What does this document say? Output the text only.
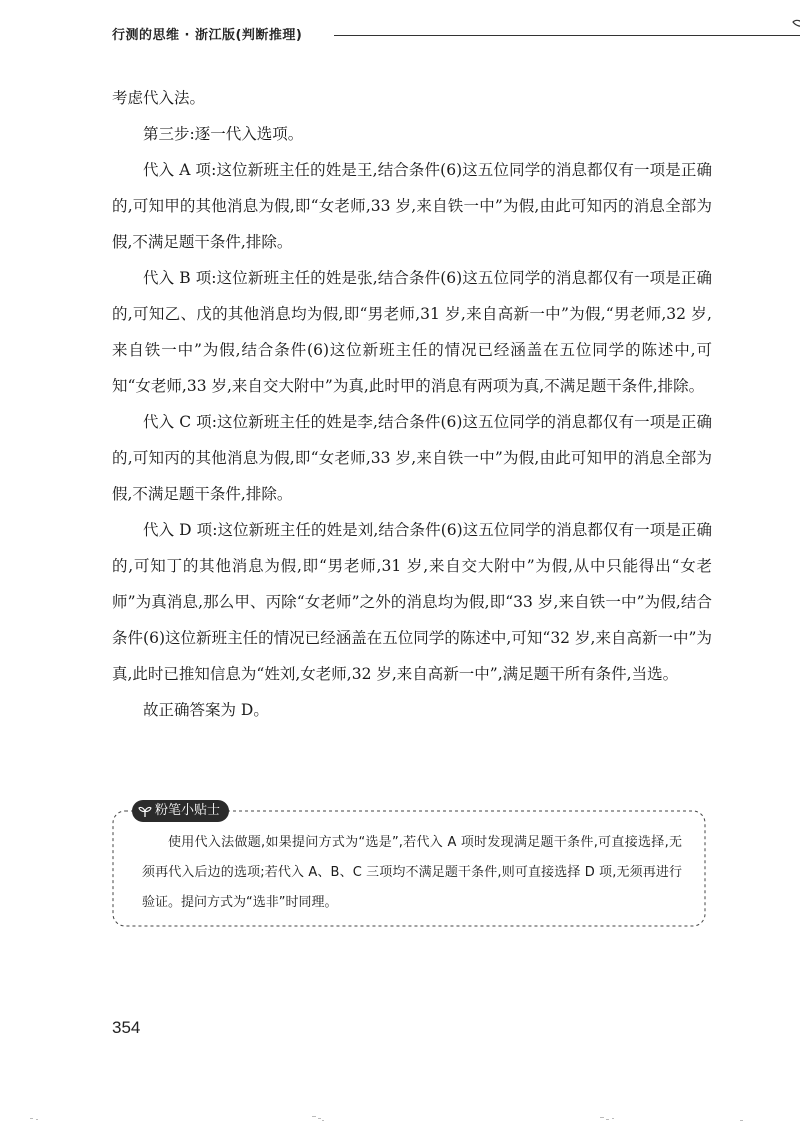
行测的思维 · 浙江版(判断推理)

考虑代入法。

第三步:逐一代入选项。

代入 A 项:这位新班主任的姓是王,结合条件(6)这五位同学的消息都仅有一项是正确的,可知甲的其他消息为假,即“女老师,33 岁,来自铁一中”为假,由此可知丙的消息全部为假,不满足题干条件,排除。

代入 B 项:这位新班主任的姓是张,结合条件(6)这五位同学的消息都仅有一项是正确的,可知乙、戊的其他消息均为假,即“男老师,31 岁,来自高新一中”为假,“男老师,32 岁,来自铁一中”为假,结合条件(6)这位新班主任的情况已经涵盖在五位同学的陈述中,可知“女老师,33 岁,来自交大附中”为真,此时甲的消息有两项为真,不满足题干条件,排除。

代入 C 项:这位新班主任的姓是李,结合条件(6)这五位同学的消息都仅有一项是正确的,可知丙的其他消息为假,即“女老师,33 岁,来自铁一中”为假,由此可知甲的消息全部为假,不满足题干条件,排除。

代入 D 项:这位新班主任的姓是刘,结合条件(6)这五位同学的消息都仅有一项是正确的,可知丁的其他消息为假,即“男老师,31 岁,来自交大附中”为假,从中只能得出“女老师”为真消息,那么甲、丙除“女老师”之外的消息均为假,即“33 岁,来自铁一中”为假,结合条件(6)这位新班主任的情况已经涵盖在五位同学的陈述中,可知“32 岁,来自高新一中”为真,此时已推知信息为“姓刘,女老师,32 岁,来自高新一中”,满足题干所有条件,当选。

故正确答案为 D。

粉笔小贴士

使用代入法做题,如果提问方式为“选是”,若代入 A 项时发现满足题干条件,可直接选择,无须再代入后边的选项;若代入 A、B、C 三项均不满足题干条件,则可直接选择 D 项,无须再进行验证。提问方式为“选非”时同理。

354
